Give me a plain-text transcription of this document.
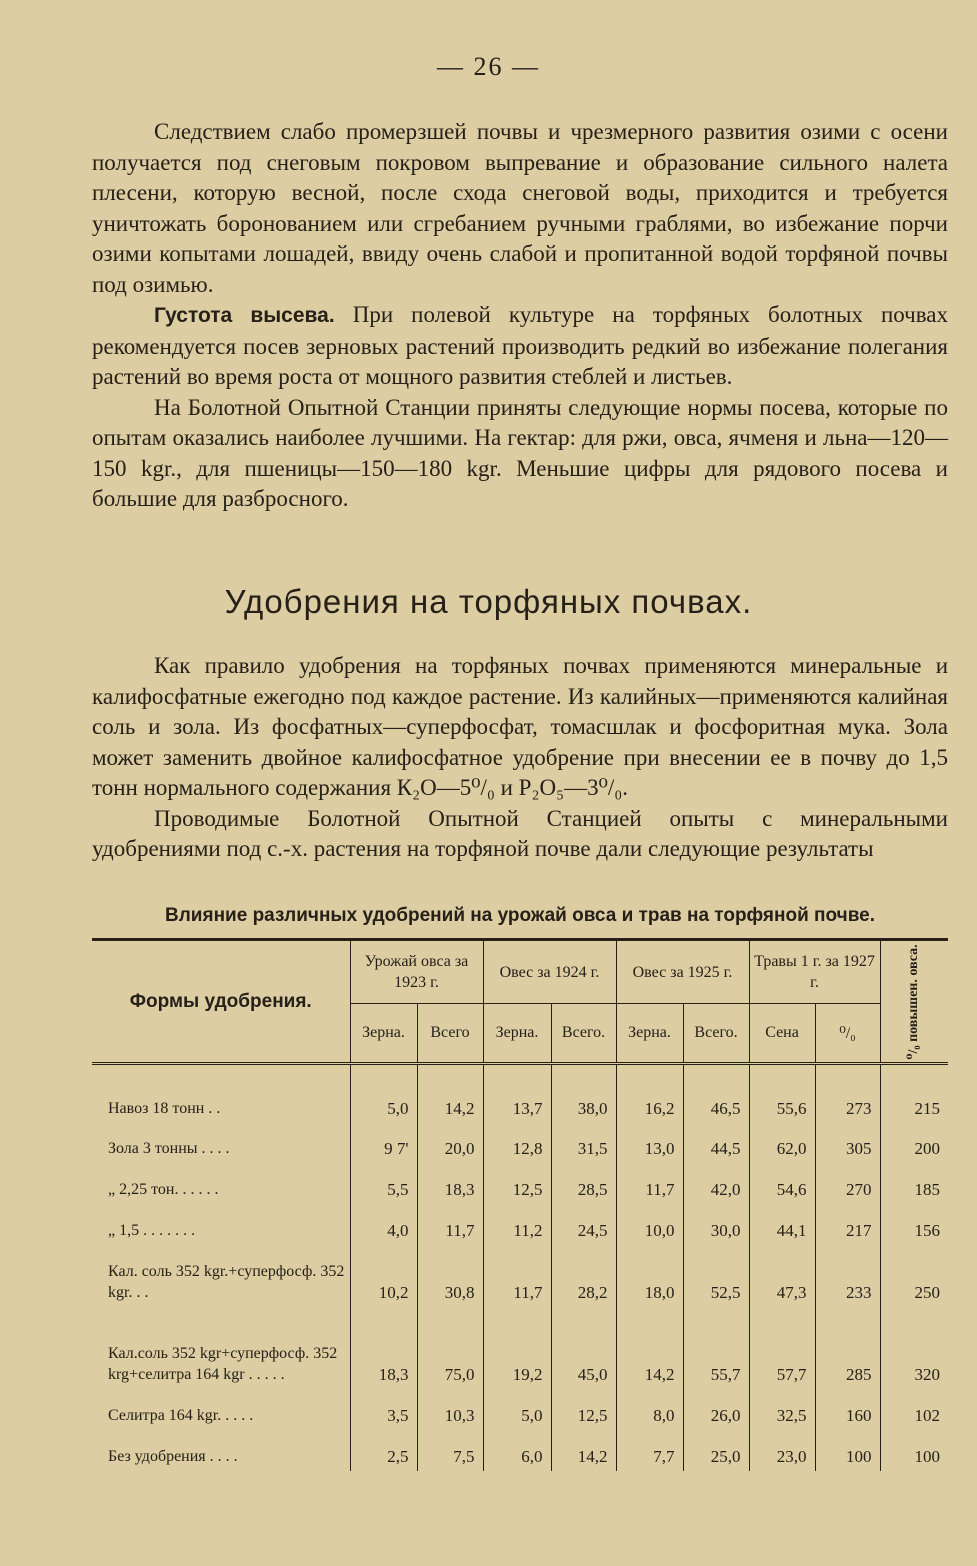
— 26 —

Следствием слабо промерзшей почвы и чрезмерного развития озими с осени получается под снеговым покровом выпревание и образование сильного налета плесени, которую весной, после схода снеговой воды, приходится и требуется уничтожать боронованием или сгребанием ручными граблями, во избежание порчи озими копытами лошадей, ввиду очень слабой и пропитанной водой торфяной почвы под озимью.

Густота высева. При полевой культуре на торфяных болотных почвах рекомендуется посев зерновых растений производить редкий во избежание полегания растений во время роста от мощного развития стеблей и листьев.

На Болотной Опытной Станции приняты следующие нормы посева, которые по опытам оказались наиболее лучшими. На гектар: для ржи, овса, ячменя и льна—120—150 kgr., для пшеницы—150—180 kgr. Меньшие цифры для рядового посева и большие для разбросного.

Удобрения на торфяных почвах.

Как правило удобрения на торфяных почвах применяются минеральные и калифосфатные ежегодно под каждое растение. Из калийных—применяются калийная соль и зола. Из фосфатных—суперфосфат, томасшлак и фосфоритная мука. Зола может заменить двойное калифосфатное удобрение при внесении ее в почву до 1,5 тонн нормального содержания К₂О—5⁰/₀ и Р₂О₅—3⁰/₀.

Проводимые Болотной Опытной Станцией опыты с минеральными удобрениями под с.-х. растения на торфяной почве дали следующие результаты

Влияние различных удобрений на урожай овса и трав на торфяной почве.
Формы удобрения.	Урожай овса за 1923 г.		Овес за 1924 г.		Овес за 1925 г.		Травы 1 г. за 1927 г.		⁰/₀ повышен. овса.

	Зерна.	Всего	Зерна.	Всего.	Зерна.	Всего.	Сена	⁰/₀	

Навоз 18 тонн . .	5,0	14,2	13,7	38,0	16,2	46,5	55,6	273	215
Зола 3 тонны . . . .	9 7'	20,0	12,8	31,5	13,0	44,5	62,0	305	200
„ 2,25 тон. . . . . .	5,5	18,3	12,5	28,5	11,7	42,0	54,6	270	185
„ 1,5 . . . . . . .	4,0	11,7	11,2	24,5	10,0	30,0	44,1	217	156
Кал. соль 352 kgr.+суперфосф. 352 kgr. . .	10,2	30,8	11,7	28,2	18,0	52,5	47,3	233	250
Кал.соль 352 kgr+суперфосф. 352 krg+селитра 164 kgr . . . . .	18,3	75,0	19,2	45,0	14,2	55,7	57,7	285	320
Селитра 164 kgr. . . . .	3,5	10,3	5,0	12,5	8,0	26,0	32,5	160	102
Без удобрения . . . .	2,5	7,5	6,0	14,2	7,7	25,0	23,0	100	100
